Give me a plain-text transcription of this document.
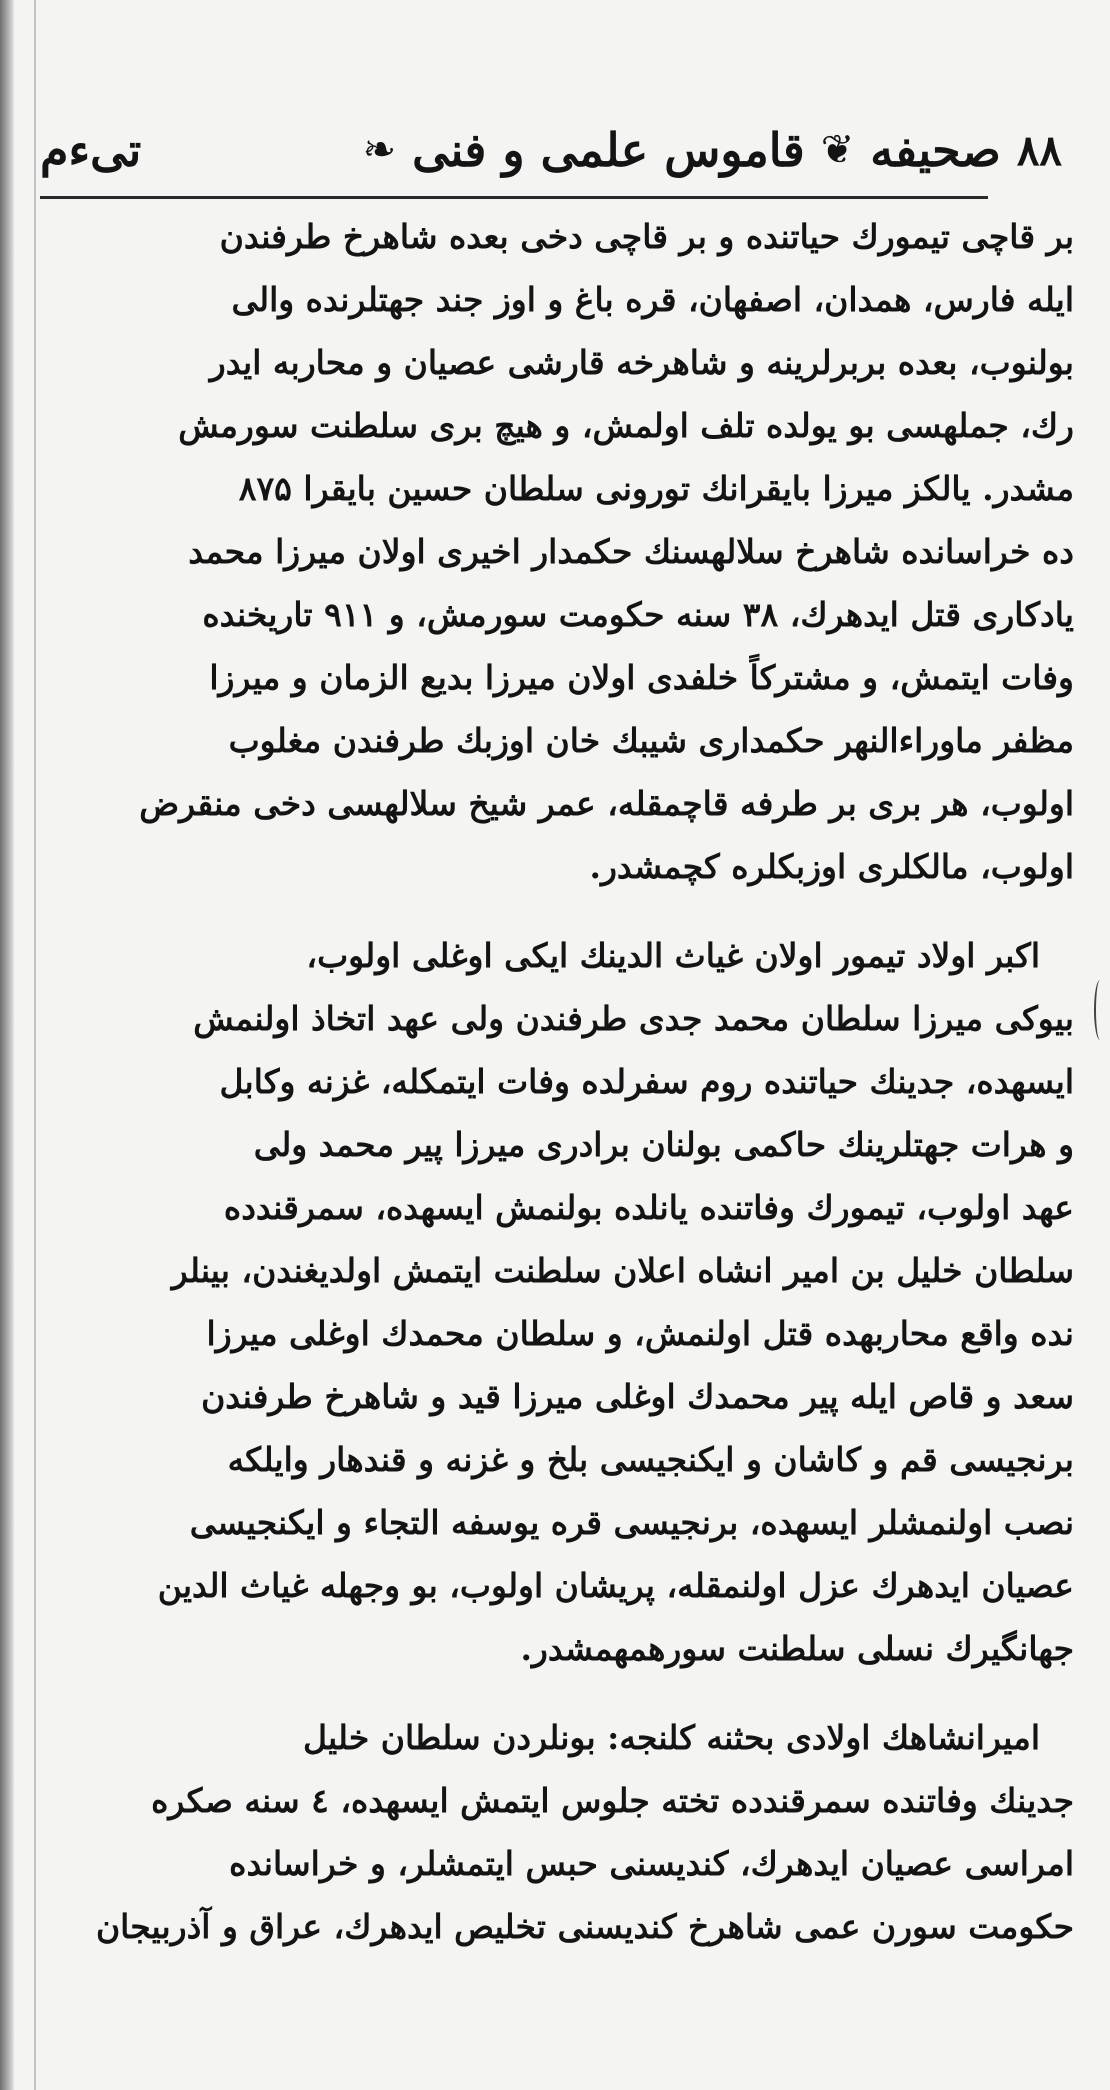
۸۸
صحيفه
❦
قاموس علمى و فنى
❧
تىءم
بر قاچى تيمورك حياتنده و بر قاچى دخى بعده شاهرخ طرفندن
ايله فارس، همدان، اصفهان، قره باغ و اوز جند جهتلرنده والى
بولنوب، بعده بربرلرينه و شاهرخه قارشى عصيان و محاربه ايدر
رك، جملهسى بو يولده تلف اولمش، و هيچ برى سلطنت سورمش
مشدر. يالكز ميرزا بايقرانك تورونى سلطان حسين بايقرا ۸۷۵
ده خراسانده شاهرخ سلالهسنك حكمدار اخيرى اولان ميرزا محمد
يادكارى قتل ايدهرك، ۳۸ سنه حكومت سورمش، و ۹۱۱ تاريخنده
وفات ايتمش، و مشتركاً خلفدى اولان ميرزا بديع الزمان و ميرزا
مظفر ماوراءالنهر حكمدارى شيبك خان اوزبك طرفندن مغلوب
اولوب، هر برى بر طرفه قاچمقله، عمر شيخ سلالهسى دخى منقرض
اولوب، مالكلرى اوزبكلره كچمشدر.
اكبر اولاد تيمور اولان غياث الدينك ايكى اوغلى اولوب،
بيوكى ميرزا سلطان محمد جدى طرفندن ولى عهد اتخاذ اولنمش
ايسهده، جدينك حياتنده روم سفرلده وفات ايتمكله، غزنه وكابل
و هرات جهتلرينك حاكمى بولنان برادرى ميرزا پير محمد ولى
عهد اولوب، تيمورك وفاتنده يانلده بولنمش ايسهده، سمرقندده
سلطان خليل بن امير انشاه اعلان سلطنت ايتمش اولديغندن، بينلر
نده واقع محاربهده قتل اولنمش، و سلطان محمدك اوغلى ميرزا
سعد و قاص ايله پير محمدك اوغلى ميرزا قيد و شاهرخ طرفندن
برنجيسى قم و كاشان و ايكنجيسى بلخ و غزنه و قندهار وايلكه
نصب اولنمشلر ايسهده، برنجيسى قره يوسفه التجاء و ايكنجيسى
عصيان ايدهرك عزل اولنمقله، پريشان اولوب، بو وجهله غياث الدين
جهانگيرك نسلى سلطنت سورهمهمشدر.
اميرانشاهك اولادى بحثنه كلنجه: بونلردن سلطان خليل
جدينك وفاتنده سمرقندده تخته جلوس ايتمش ايسهده، ٤ سنه صكره
امراسى عصيان ايدهرك، كنديسنى حبس ايتمشلر، و خراسانده
حكومت سورن عمى شاهرخ كنديسنى تخليص ايدهرك، عراق و آذربيجان
